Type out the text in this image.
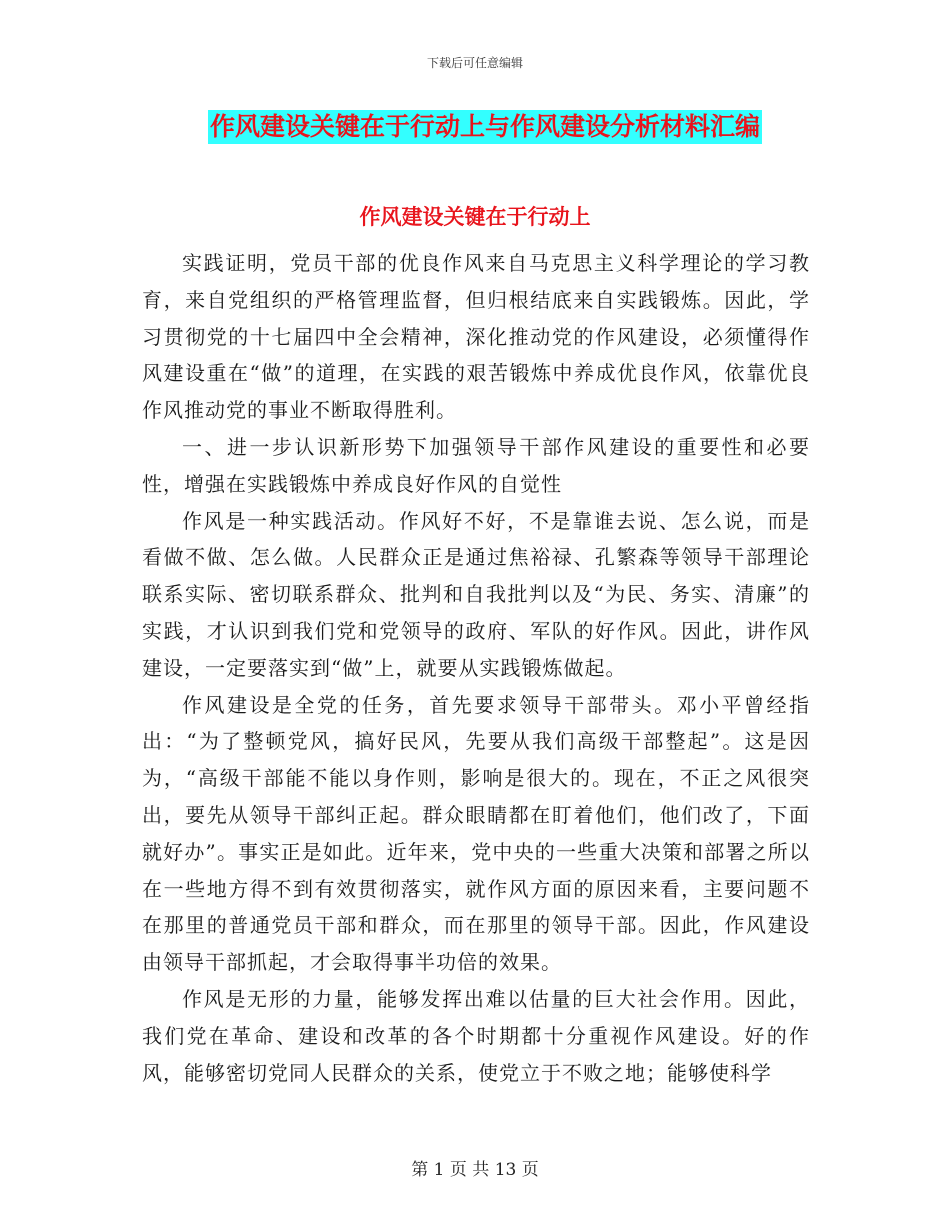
下载后可任意编辑
作风建设关键在于行动上与作风建设分析材料汇编
作风建设关键在于行动上

实践证明，党员干部的优良作风来自马克思主义科学理论的学习教育，来自党组织的严格管理监督，但归根结底来自实践锻炼。因此，学习贯彻党的十七届四中全会精神，深化推动党的作风建设，必须懂得作风建设重在“做”的道理，在实践的艰苦锻炼中养成优良作风，依靠优良作风推动党的事业不断取得胜利。

一、进一步认识新形势下加强领导干部作风建设的重要性和必要性，增强在实践锻炼中养成良好作风的自觉性

作风是一种实践活动。作风好不好，不是靠谁去说、怎么说，而是看做不做、怎么做。人民群众正是通过焦裕禄、孔繁森等领导干部理论联系实际、密切联系群众、批判和自我批判以及“为民、务实、清廉”的实践，才认识到我们党和党领导的政府、军队的好作风。因此，讲作风建设，一定要落实到“做”上，就要从实践锻炼做起。

作风建设是全党的任务，首先要求领导干部带头。邓小平曾经指出：“为了整顿党风，搞好民风，先要从我们高级干部整起”。这是因为，“高级干部能不能以身作则，影响是很大的。现在，不正之风很突出，要先从领导干部纠正起。群众眼睛都在盯着他们，他们改了，下面就好办”。事实正是如此。近年来，党中央的一些重大决策和部署之所以在一些地方得不到有效贯彻落实，就作风方面的原因来看，主要问题不在那里的普通党员干部和群众，而在那里的领导干部。因此，作风建设由领导干部抓起，才会取得事半功倍的效果。

作风是无形的力量，能够发挥出难以估量的巨大社会作用。因此，我们党在革命、建设和改革的各个时期都十分重视作风建设。好的作风，能够密切党同人民群众的关系，使党立于不败之地；能够使科学

第 1 页 共 13 页
